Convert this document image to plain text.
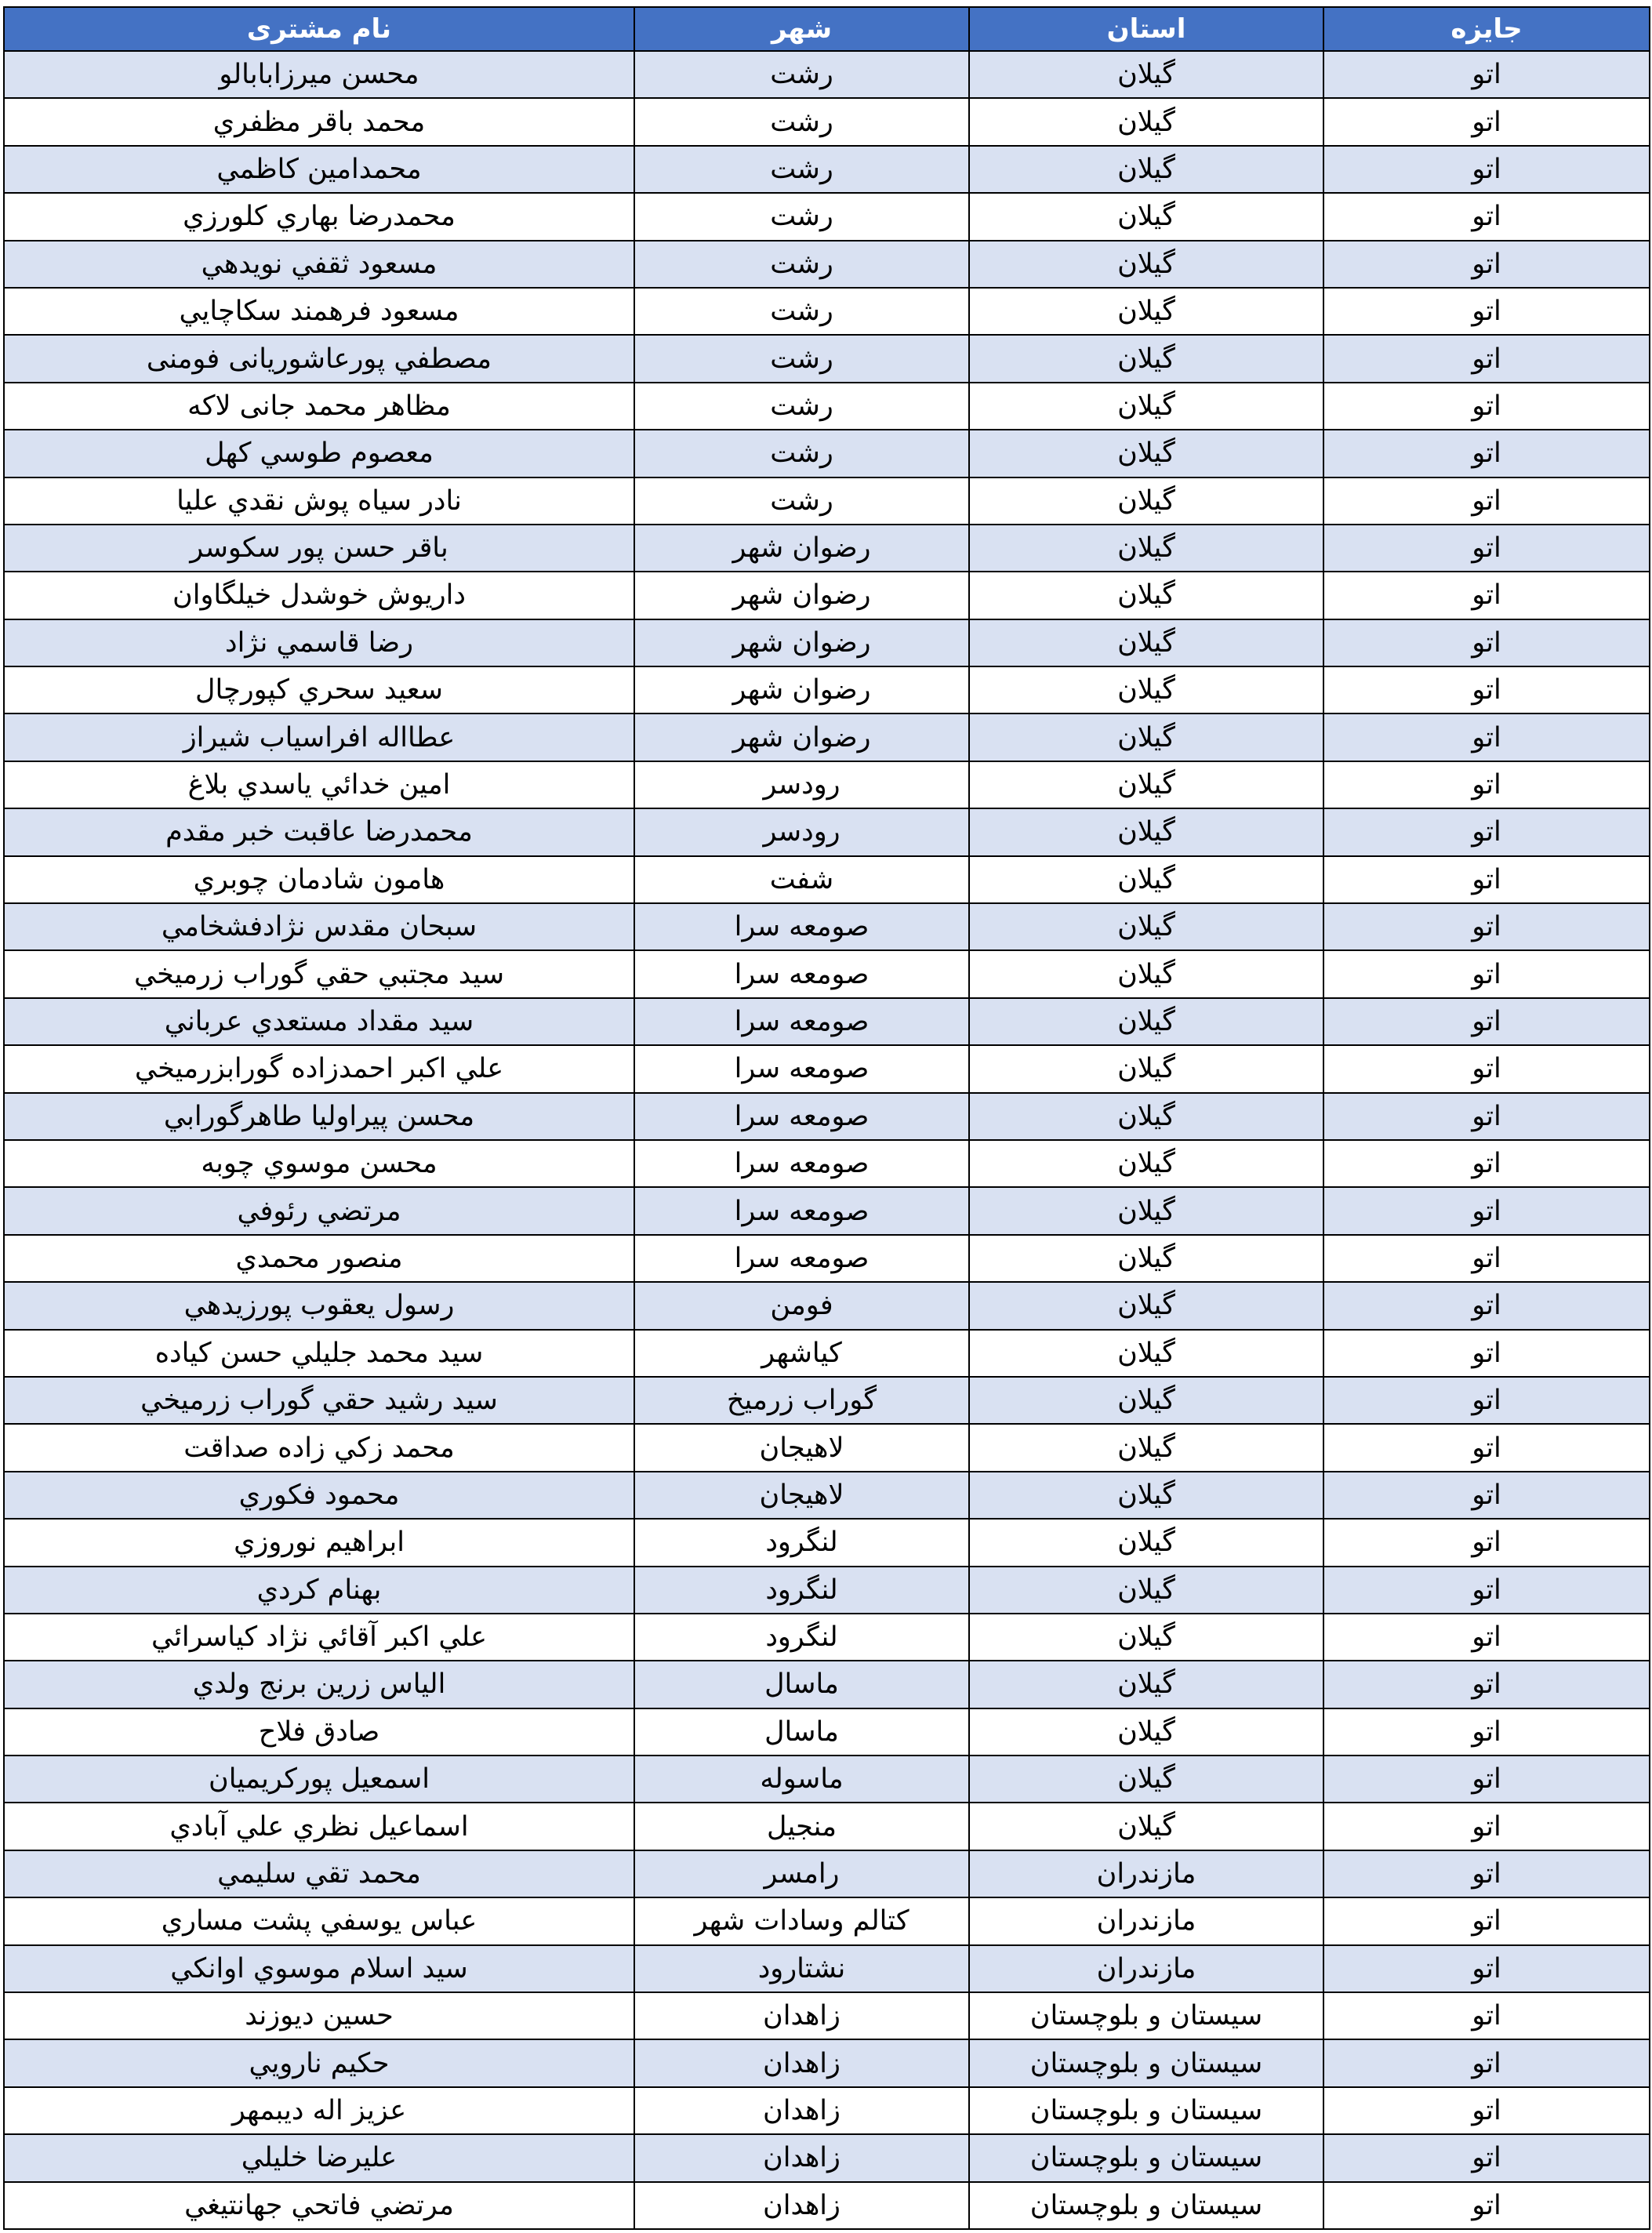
جایزه	استان	شهر	نام مشتری
اتو	گيلان	رشت	محسن ميرزابابالو
اتو	گيلان	رشت	محمد باقر مظفري
اتو	گيلان	رشت	محمدامين كاظمي
اتو	گيلان	رشت	محمدرضا بهاري كلورزي
اتو	گيلان	رشت	مسعود ثقفي نويدهي
اتو	گيلان	رشت	مسعود فرهمند سكاچايي
اتو	گيلان	رشت	مصطفي پورعاشوريانى فومنى
اتو	گيلان	رشت	مظاهر محمد جانى لاكه
اتو	گيلان	رشت	معصوم طوسي كهل
اتو	گيلان	رشت	نادر سياه پوش نقدي عليا
اتو	گيلان	رضوان شهر	باقر حسن پور سكوسر
اتو	گيلان	رضوان شهر	داريوش خوشدل خيلگاوان
اتو	گيلان	رضوان شهر	رضا قاسمي نژاد
اتو	گيلان	رضوان شهر	سعيد سحري كپورچال
اتو	گيلان	رضوان شهر	عطااله افراسياب شيراز
اتو	گيلان	رودسر	امين خدائي ياسدي بلاغ
اتو	گيلان	رودسر	محمدرضا عاقبت خبر مقدم
اتو	گيلان	شفت	هامون شادمان چوبري
اتو	گيلان	صومعه سرا	سبحان مقدس نژادفشخامي
اتو	گيلان	صومعه سرا	سيد مجتبي حقي گوراب زرميخي
اتو	گيلان	صومعه سرا	سيد مقداد مستعدي عرباني
اتو	گيلان	صومعه سرا	علي اكبر احمدزاده گورابزرميخي
اتو	گيلان	صومعه سرا	محسن پيراوليا طاهرگورابي
اتو	گيلان	صومعه سرا	محسن موسوي چوبه
اتو	گيلان	صومعه سرا	مرتضي رئوفي
اتو	گيلان	صومعه سرا	منصور محمدي
اتو	گيلان	فومن	رسول يعقوب پورزيدهي
اتو	گيلان	كياشهر	سيد محمد جليلي حسن كياده
اتو	گيلان	گوراب زرميخ	سيد رشيد حقي گوراب زرميخي
اتو	گيلان	لاهيجان	محمد زكي زاده صداقت
اتو	گيلان	لاهيجان	محمود فكوري
اتو	گيلان	لنگرود	ابراهيم نوروزي
اتو	گيلان	لنگرود	بهنام كردي
اتو	گيلان	لنگرود	علي اكبر آقائي نژاد كياسرائي
اتو	گيلان	ماسال	الياس زرين برنج ولدي
اتو	گيلان	ماسال	صادق فلاح
اتو	گيلان	ماسوله	اسمعيل پوركريميان
اتو	گيلان	منجيل	اسماعيل نظري علي آبادي
اتو	مازندران	رامسر	محمد تقي سليمي
اتو	مازندران	كتالم وسادات شهر	عباس يوسفي پشت مساري
اتو	مازندران	نشتارود	سيد اسلام موسوي اوانكي
اتو	سيستان و بلوچستان	زاهدان	حسين ديوزند
اتو	سيستان و بلوچستان	زاهدان	حكيم نارويي
اتو	سيستان و بلوچستان	زاهدان	عزيز اله ديبمهر
اتو	سيستان و بلوچستان	زاهدان	عليرضا خليلي
اتو	سيستان و بلوچستان	زاهدان	مرتضي فاتحي جهانتيغي
